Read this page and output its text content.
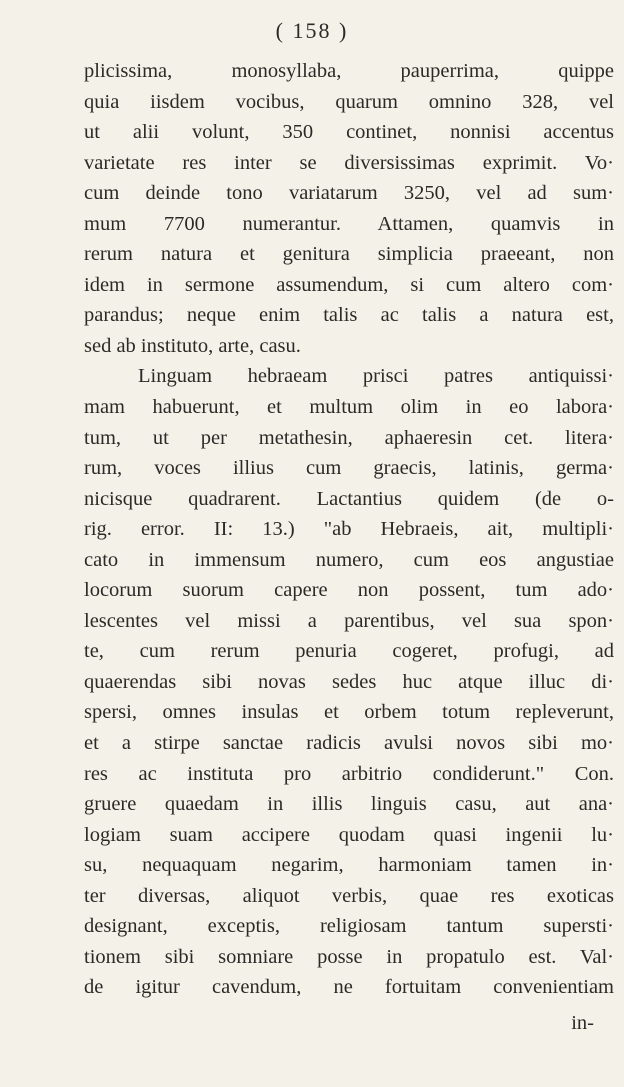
( 158 )
plicissima, monosyllaba, pauperrima, quippe
quia iisdem vocibus, quarum omnino 328, vel
ut alii volunt, 350 continet, nonnisi accentus
varietate res inter se diversissimas exprimit. Vo·
cum deinde tono variatarum 3250, vel ad sum·
mum 7700 numerantur. Attamen, quamvis in
rerum natura et genitura simplicia praeeant, non
idem in sermone assumendum, si cum altero com·
parandus; neque enim talis ac talis a natura est,
sed ab instituto, arte, casu.
Linguam hebraeam prisci patres antiquissi·
mam habuerunt, et multum olim in eo labora·
tum, ut per metathesin, aphaeresin cet. litera·
rum, voces illius cum graecis, latinis, germa·
nicisque quadrarent. Lactantius quidem (de o-
rig. error. II: 13.) "ab Hebraeis, ait, multipli·
cato in immensum numero, cum eos angustiae
locorum suorum capere non possent, tum ado·
lescentes vel missi a parentibus, vel sua spon·
te, cum rerum penuria cogeret, profugi, ad
quaerendas sibi novas sedes huc atque illuc di·
spersi, omnes insulas et orbem totum repleverunt,
et a stirpe sanctae radicis avulsi novos sibi mo·
res ac instituta pro arbitrio condiderunt." Con.
gruere quaedam in illis linguis casu, aut ana·
logiam suam accipere quodam quasi ingenii lu·
su, nequaquam negarim, harmoniam tamen in·
ter diversas, aliquot verbis, quae res exoticas
designant, exceptis, religiosam tantum supersti·
tionem sibi somniare posse in propatulo est. Val·
de igitur cavendum, ne fortuitam convenientiam
in-
